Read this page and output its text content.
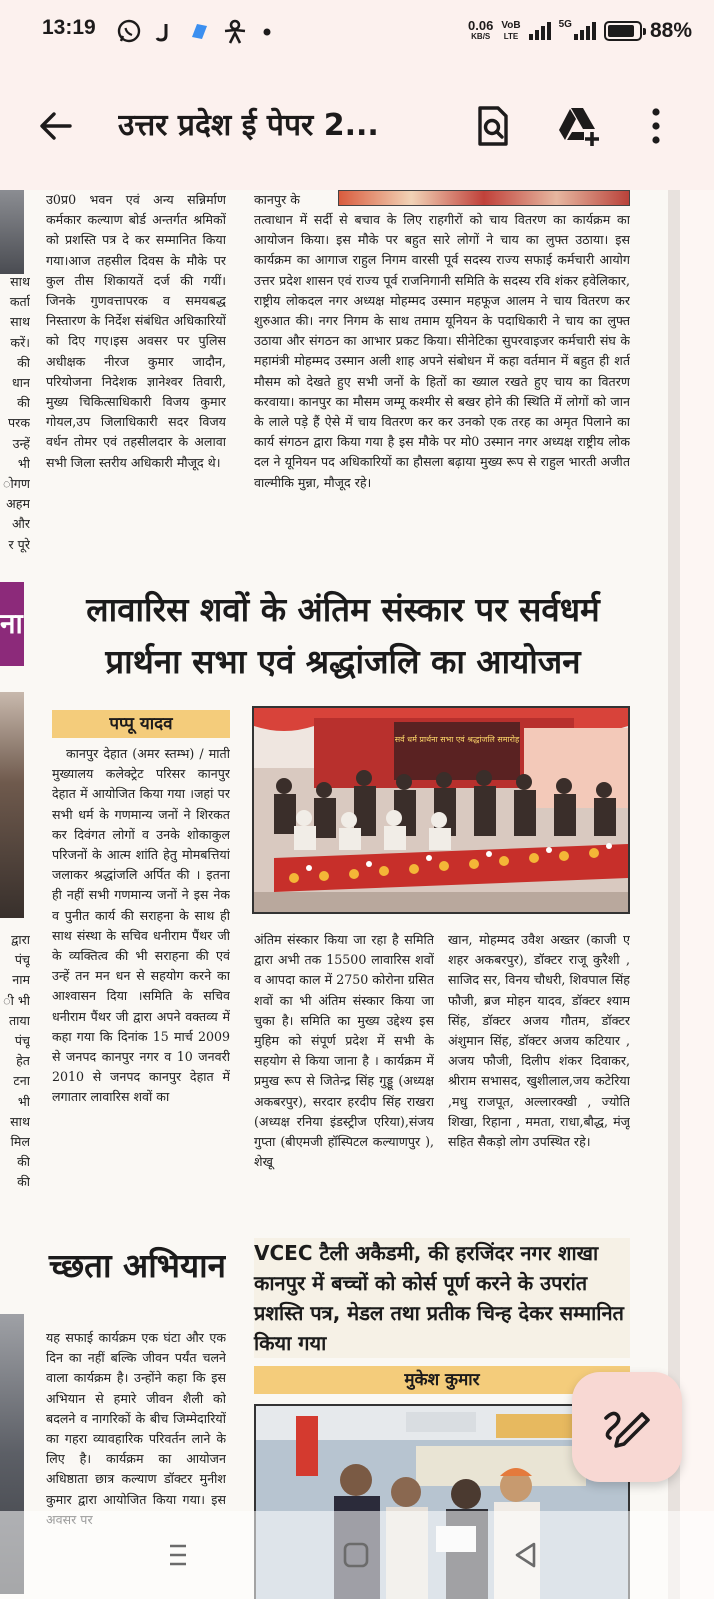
13:19	0.06
KB/S
VoB
LTE
5G	88%
उत्तर प्रदेश ई पेपर 2...
साथ
कर्ता
साथ
करें।
की
धान
की
परक
उन्हें
भी
ोगण
अहम
और
र पूरे

उ0प्र0 भवन एवं अन्य सन्निर्माण कर्मकार कल्याण बोर्ड अन्तर्गत श्रमिकों को प्रशस्ति पत्र दे कर सम्मानित किया गया।आज तहसील दिवस के मौके पर कुल तीस शिकायतें दर्ज की गयीं। जिनके गुणवत्तापरक व समयबद्ध निस्तारण के निर्देश संबंधित अधिकारियों को दिए गए।इस अवसर पर पुलिस अधीक्षक नीरज कुमार जादौन, परियोजना निदेशक ज्ञानेश्वर तिवारी, मुख्य चिकित्साधिकारी विजय कुमार गोयल,उप जिलाधिकारी सदर विजय वर्धन तोमर एवं तहसीलदार के अलावा सभी जिला स्तरीय अधिकारी मौजूद थे।

कानपुर के

तत्वाधान में सर्दी से बचाव के लिए राहगीरों को चाय वितरण का कार्यक्रम का आयोजन किया। इस मौके पर बहुत सारे लोगों ने चाय का लुफ्त उठाया। इस कार्यक्रम का आगाज राहुल निगम वारसी पूर्व सदस्य राज्य सफाई कर्मचारी आयोग उत्तर प्रदेश शासन एवं राज्य पूर्व राजनिगानी समिति के सदस्य रवि शंकर हवेलिकार, राष्ट्रीय लोकदल नगर अध्यक्ष मोहम्मद उस्मान महफूज आलम ने चाय वितरण कर शुरुआत की। नगर निगम के साथ तमाम यूनियन के पदाधिकारी ने चाय का लुफ्त उठाया और संगठन का आभार प्रकट किया। सीनेटिका सुपरवाइजर कर्मचारी संघ के महामंत्री मोहम्मद उस्मान अली शाह अपने संबोधन में कहा वर्तमान में बहुत ही शर्त मौसम को देखते हुए सभी जनों के हितों का ख्याल रखते हुए चाय का वितरण करवाया। कानपुर का मौसम जम्मू कश्मीर से बखर होने की स्थिति में लोगों को जान के लाले पड़े हैं ऐसे में चाय वितरण कर कर उनको एक तरह का अमृत पिलाने का कार्य संगठन द्वारा किया गया है इस मौके पर मो0 उस्मान नगर अध्यक्ष राष्ट्रीय लोक दल ने यूनियन पद अधिकारियों का हौसला बढ़ाया मुख्य रूप से राहुल भारती अजीत वाल्मीकि मुन्ना, मौजूद रहे।

ना	लावारिस शवों के अंतिम संस्कार पर सर्वधर्म
प्रार्थना सभा एवं श्रद्धांजलि का आयोजन
पप्पू यादव
सर्व धर्म प्रार्थना सभा एवं श्रद्धांजलि समारोह

कानपुर देहात (अमर स्तम्भ) / माती मुख्यालय कलेक्ट्रेट परिसर कानपुर देहात में आयोजित किया गया ।जहां पर सभी धर्म के गणमान्य जनों ने शिरकत कर दिवंगत लोगों व उनके शोकाकुल परिजनों के आत्म शांति हेतु मोमबत्तियां जलाकर श्रद्धांजलि अर्पित की । इतना ही नहीं सभी गणमान्य जनों ने इस नेक व पुनीत कार्य की सराहना के साथ ही साथ संस्था के सचिव धनीराम पैंथर जी के व्यक्तित्व की भी सराहना की एवं उन्हें तन मन धन से सहयोग करने का आश्वासन दिया ।समिति के सचिव धनीराम पैंथर जी द्वारा अपने वक्तव्य में कहा गया कि दिनांक 15 मार्च 2009 से जनपद कानपुर नगर व 10 जनवरी 2010 से जनपद कानपुर देहात में लगातार लावारिस शवों का

अंतिम संस्कार किया जा रहा है समिति द्वारा अभी तक 15500 लावारिस शवों व आपदा काल में 2750 कोरोना ग्रसित शवों का भी अंतिम संस्कार किया जा चुका है। समिति का मुख्य उद्देश्य इस मुहिम को संपूर्ण प्रदेश में सभी के सहयोग से किया जाना है । कार्यक्रम में प्रमुख रूप से जितेन्द्र सिंह गुड्डू (अध्यक्ष अकबरपुर), सरदार हरदीप सिंह राखरा (अध्यक्ष रनिया इंडस्ट्रीज एरिया),संजय गुप्ता (बीएमजी हॉस्पिटल कल्याणपुर ), शेखू

खान, मोहम्मद उवैश अख्तर (काजी ए शहर अकबरपुर), डॉक्टर राजू कुरैशी , साजिद सर, विनय चौधरी, शिवपाल सिंह फौजी, ब्रज मोहन यादव, डॉक्टर श्याम सिंह, डॉक्टर अजय गौतम, डॉक्टर अंशुमान सिंह, डॉक्टर अजय कटियार , अजय फौजी, दिलीप शंकर दिवाकर, श्रीराम सभासद, खुशीलाल,जय कटेरिया ,मधु राजपूत, अल्लारक्खी , ज्योति शिखा, रिहाना , ममता, राधा,बौद्ध, मंजू सहित सैकड़ो लोग उपस्थित रहे।

द्वारा
पंचू
नाम
ी भी
ताया
पंचू
हेत
टना
भी
साथ
मिल
की
की
च्छता अभियान

यह सफाई कार्यक्रम एक घंटा और एक दिन का नहीं बल्कि जीवन पर्यंत चलने वाला कार्यक्रम है। उन्होंने कहा कि इस अभियान से हमारे जीवन शैली को बदलने व नागरिकों के बीच जिम्मेदारियों का गहरा व्यावहारिक परिवर्तन लाने के लिए है। कार्यक्रम का आयोजन अधिष्ठाता छात्र कल्याण डॉक्टर मुनीश कुमार द्वारा आयोजित किया गया। इस

VCEC टैली अकैडमी, की हरजिंदर नगर शाखा कानपुर में बच्चों को कोर्स पूर्ण करने के उपरांत प्रशस्ति पत्र, मेडल तथा प्रतीक चिन्ह देकर सम्मानित किया गया
मुकेश कुमार
